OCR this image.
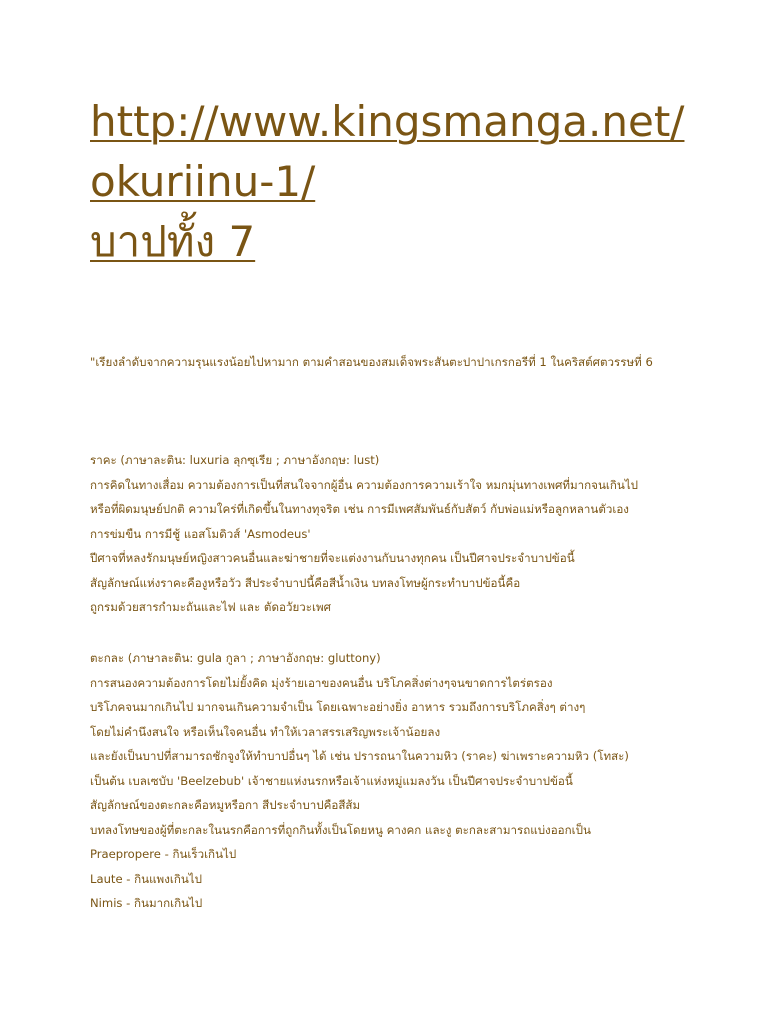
http://www.kingsmanga.net/
okuriinu-1/
บาปทั้ง 7
"เรียงลำดับจากความรุนแรงน้อยไปหามาก ตามคำสอนของสมเด็จพระสันตะปาปาเกรกอรีที่ 1 ในคริสต์ศตวรรษที่ 6
ราคะ (ภาษาละติน: luxuria ลุกซุเรีย ; ภาษาอังกฤษ: lust)
การคิดในทางเสื่อม ความต้องการเป็นที่สนใจจากผู้อื่น ความต้องการความเร้าใจ หมกมุ่นทางเพศที่มากจนเกินไป
หรือที่ผิดมนุษย์ปกติ ความใคร่ที่เกิดขึ้นในทางทุจริต เช่น การมีเพศสัมพันธ์กับสัตว์ กับพ่อแม่หรือลูกหลานตัวเอง
การข่มขืน การมีชู้ แอสโมดิวส์ 'Asmodeus'
ปีศาจที่หลงรักมนุษย์หญิงสาวคนอื่นและฆ่าชายที่จะแต่งงานกับนางทุกคน เป็นปีศาจประจำบาปข้อนี้
สัญลักษณ์แห่งราคะคืองูหรือวัว สีประจำบาปนี้คือสีน้ำเงิน บทลงโทษผู้กระทำบาปข้อนี้คือ
ถูกรมด้วยสารกำมะถันและไฟ และ ตัดอวัยวะเพศ
ตะกละ (ภาษาละติน: gula กูลา ; ภาษาอังกฤษ: gluttony)
การสนองความต้องการโดยไม่ยั้งคิด มุ่งร้ายเอาของคนอื่น บริโภคสิ่งต่างๆจนขาดการไตร่ตรอง
บริโภคจนมากเกินไป มากจนเกินความจำเป็น โดยเฉพาะอย่างยิ่ง อาหาร รวมถึงการบริโภคสิ่งๆ ต่างๆ
โดยไม่คำนึงสนใจ หรือเห็นใจคนอื่น ทำให้เวลาสรรเสริญพระเจ้าน้อยลง
และยังเป็นบาปที่สามารถชักจูงให้ทำบาปอื่นๆ ได้ เช่น ปรารถนาในความหิว (ราคะ) ฆ่าเพราะความหิว (โทสะ)
เป็นต้น เบลเซบับ 'Beelzebub' เจ้าชายแห่งนรกหรือเจ้าแห่งหมู่แมลงวัน เป็นปีศาจประจำบาปข้อนี้
สัญลักษณ์ของตะกละคือหมูหรือกา สีประจำบาปคือสีส้ม
บทลงโทษของผู้ที่ตะกละในนรกคือการที่ถูกกินทั้งเป็นโดยหนู คางคก และงู ตะกละสามารถแบ่งออกเป็น
Praepropere - กินเร็วเกินไป
Laute - กินแพงเกินไป
Nimis - กินมากเกินไป
